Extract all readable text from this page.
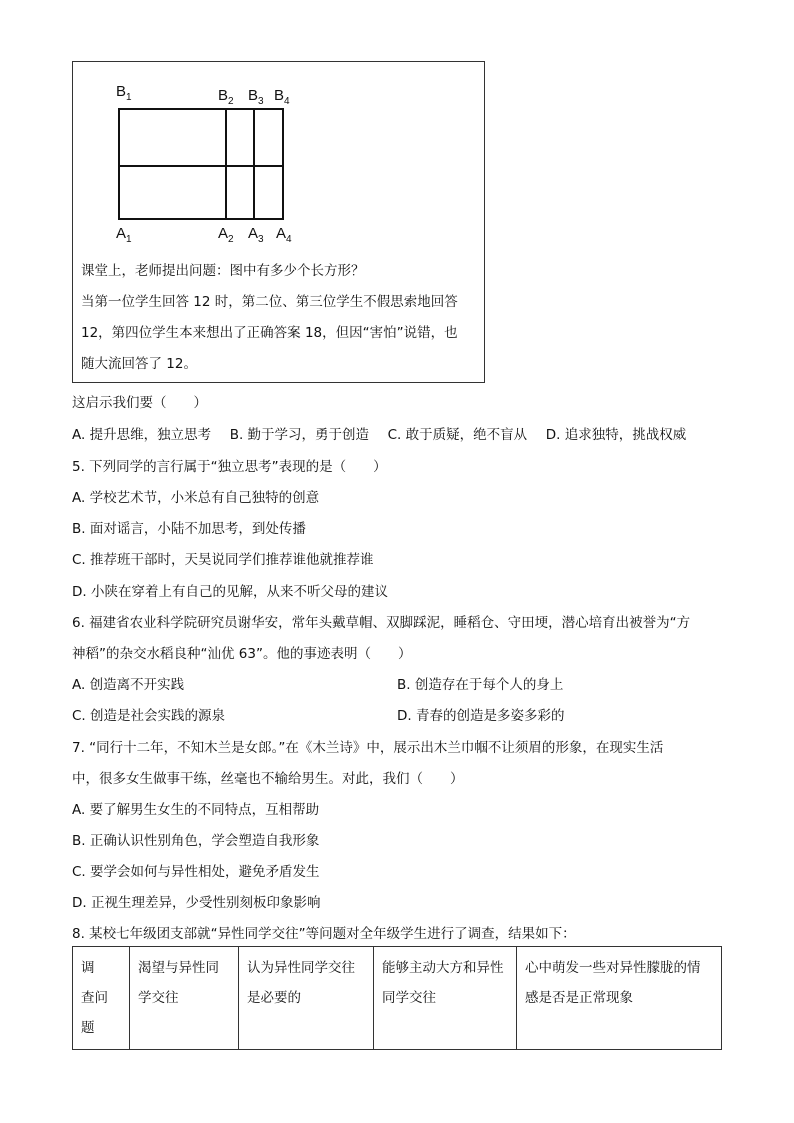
$B_1$	$B_2$ $B_3$ $B_4$
$A_1$	$A_2$ $A_3$ $A_4$
课堂上，老师提出问题：图中有多少个长方形？
当第一位学生回答 12 时，第二位、第三位学生不假思索地回答
12，第四位学生本来想出了正确答案 18，但因“害怕”说错，也
随大流回答了 12。
这启示我们要（　　）
A. 提升思维，独立思考 B. 勤于学习，勇于创造 C. 敢于质疑，绝不盲从 D. 追求独特，挑战权威
5. 下列同学的言行属于“独立思考”表现的是（　　）
A. 学校艺术节，小米总有自己独特的创意
B. 面对谣言，小陆不加思考，到处传播
C. 推荐班干部时，天昊说同学们推荐谁他就推荐谁
D. 小陕在穿着上有自己的见解，从来不听父母的建议
6. 福建省农业科学院研究员谢华安，常年头戴草帽、双脚踩泥，睡稻仓、守田埂，潜心培育出被誉为“方
神稻”的杂交水稻良种“汕优 63”。他的事迹表明（　　）
A. 创造离不开实践	B. 创造存在于每个人的身上
C. 创造是社会实践的源泉	D. 青春的创造是多姿多彩的
7. “同行十二年，不知木兰是女郎。”在《木兰诗》中，展示出木兰巾帼不让须眉的形象，在现实生活
中，很多女生做事干练，丝毫也不输给男生。对此，我们（　　）
A. 要了解男生女生的不同特点，互相帮助
B. 正确认识性别角色，学会塑造自我形象
C. 要学会如何与异性相处，避免矛盾发生
D. 正视生理差异，少受性别刻板印象影响
8. 某校七年级团支部就“异性同学交往”等问题对全年级学生进行了调查，结果如下：
调　查问题	渴望与异性同学交往	认为异性同学交往是必要的	能够主动大方和异性同学交往	心中萌发一些对异性朦胧的情感是否是正常现象
